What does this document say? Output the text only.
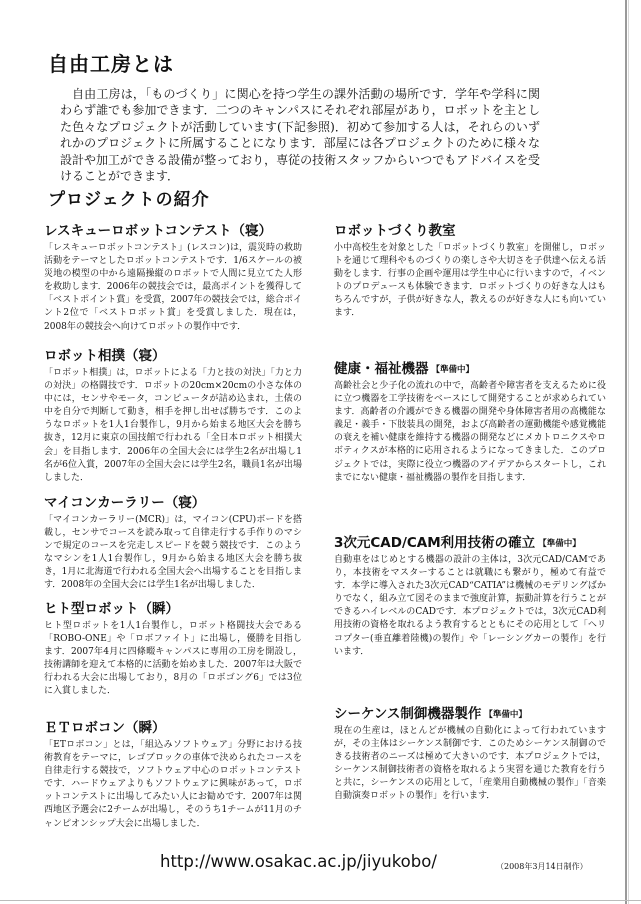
自由工房とは

自由工房は，「ものづくり」に関心を持つ学生の課外活動の場所です．学年や学科に関わらず誰でも参加できます．二つのキャンパスにそれぞれ部屋があり，ロボットを主とした色々なプロジェクトが活動しています(下記参照)．初めて参加する人は，それらのいずれかのプロジェクトに所属することになります．部屋には各プロジェクトのために様々な設計や加工ができる設備が整っており，専従の技術スタッフからいつでもアドバイスを受けることができます．

プロジェクトの紹介
レスキューロボットコンテスト（寝）

「レスキューロボットコンテスト」(レスコン)は，震災時の救助活動をテーマとしたロボットコンテストです．1/6スケールの被災地の模型の中から遠隔操縦のロボットで人間に見立てた人形を救助します．2006年の競技会では，最高ポイントを獲得して「ベストポイント賞」を受賞，2007年の競技会では，総合ポイント2位で「ベストロボット賞」を受賞しました．現在は，2008年の競技会へ向けてロボットの製作中です．

ロボット相撲（寝）

「ロボット相撲」は，ロボットによる「力と技の対決」「力と力の対決」の格闘技です．ロボットの20cm×20cmの小さな体の中には，センサやモータ，コンピュータが詰め込まれ，土俵の中を自分で判断して動き，相手を押し出せば勝ちです．このようなロボットを1人1台製作し，9月から始まる地区大会を勝ち抜き，12月に東京の国技館で行われる「全日本ロボット相撲大会」を目指します．2006年の全国大会には学生2名が出場し1名が6位入賞，2007年の全国大会には学生2名，職員1名が出場しました．

マイコンカーラリー（寝）

「マイコンカーラリー(MCR)」は，マイコン(CPU)ボードを搭載し，センサでコースを読み取って自律走行する手作りのマシンで規定のコースを完走しスピードを競う競技です．このようなマシンを1人1台製作し，9月から始まる地区大会を勝ち抜き，1月に北海道で行われる全国大会へ出場することを目指します．2008年の全国大会には学生1名が出場しました．

ヒト型ロボット（瞬）

ヒト型ロボットを1人1台製作し，ロボット格闘技大会である「ROBO-ONE」や「ロボファイト」に出場し，優勝を目指します．2007年4月に四條畷キャンパスに専用の工房を開設し，技術講師を迎えて本格的に活動を始めました．2007年は大阪で行われる大会に出場しており，8月の「ロボゴング6」では3位に入賞しました．

ＥＴロボコン（瞬）

「ETロボコン」とは，「組込みソフトウェア」分野における技術教育をテーマに，レゴブロックの車体で決められたコースを自律走行する競技で，ソフトウェア中心のロボットコンテストです．ハードウェアよりもソフトウェアに興味があって，ロボットコンテストに出場してみたい人にお勧めです．2007年は関西地区予選会に2チームが出場し，そのうち1チームが11月のチャンピオンシップ大会に出場しました．

ロボットづくり教室

小中高校生を対象とした「ロボットづくり教室」を開催し，ロボットを通じて理科やものづくりの楽しさや大切さを子供達へ伝える活動をします．行事の企画や運用は学生中心に行いますので，イベントのプロデュースも体験できます．ロボットづくりの好きな人はもちろんですが，子供が好きな人，教えるのが好きな人にも向いています．

健康・福祉機器 【準備中】

高齢社会と少子化の流れの中で，高齢者や障害者を支えるために役に立つ機器を工学技術をベースにして開発することが求められています．高齢者の介護ができる機器の開発や身体障害者用の高機能な義足・義手・下肢装具の開発，および高齢者の運動機能や感覚機能の衰えを補い健康を維持する機器の開発などにメカトロニクスやロボティクスが本格的に応用されるようになってきました．このプロジェクトでは，実際に役立つ機器のアイデアからスタートし，これまでにない健康・福祉機器の製作を目指します．

3次元CAD/CAM利用技術の確立 【準備中】

自動車をはじめとする機器の設計の主体は，3次元CAD/CAMであり，本技術をマスターすることは就職にも繋がり，極めて有益です．本学に導入された3次元CAD“CATIA”は機械のモデリングばかりでなく，組み立て図そのままで強度計算，振動計算を行うことができるハイレベルのCADです．本プロジェクトでは，3次元CAD利用技術の資格を取れるよう教育するとともにその応用として「ヘリコプター(垂直離着陸機)の製作」や「レーシングカーの製作」を行います．

シーケンス制御機器製作 【準備中】

現在の生産は，ほとんどが機械の自動化によって行われていますが，その主体はシーケンス制御です．このためシーケンス制御のできる技術者のニーズは極めて大きいのです．本プロジェクトでは，シーケンス制御技術者の資格を取れるよう実習を通じた教育を行うと共に，シーケンスの応用として，「産業用自動機械の製作」「音楽自動演奏ロボットの製作」を行います．

http://www.osakac.ac.jp/jiyukobo/	（2008年3月14日制作）
